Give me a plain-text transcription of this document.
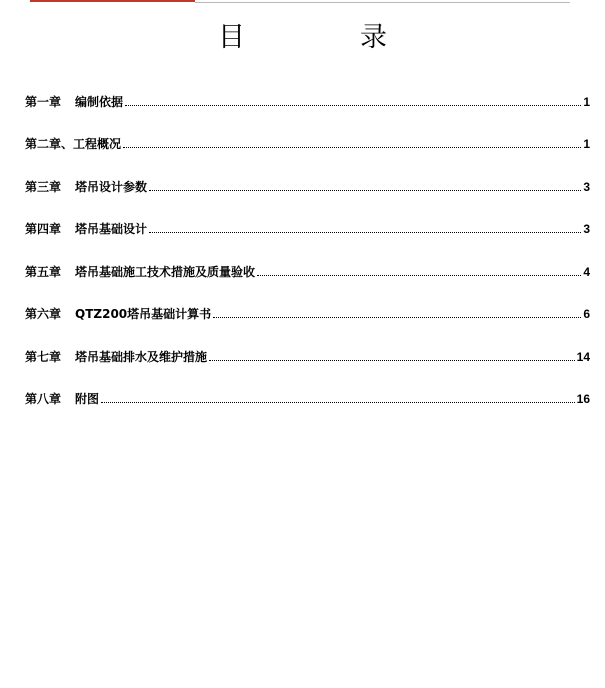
目　录
第一章 编制依据	1
第二章 、 工程概况	1
第三章 塔吊设计参数	3
第四章 塔吊基础设计	3
第五章 塔吊基础施工技术措施及质量验收	4
第六章 QTZ200塔吊基础计算书	6
第七章 塔吊基础排水及维护措施	14
第八章 附图	16
